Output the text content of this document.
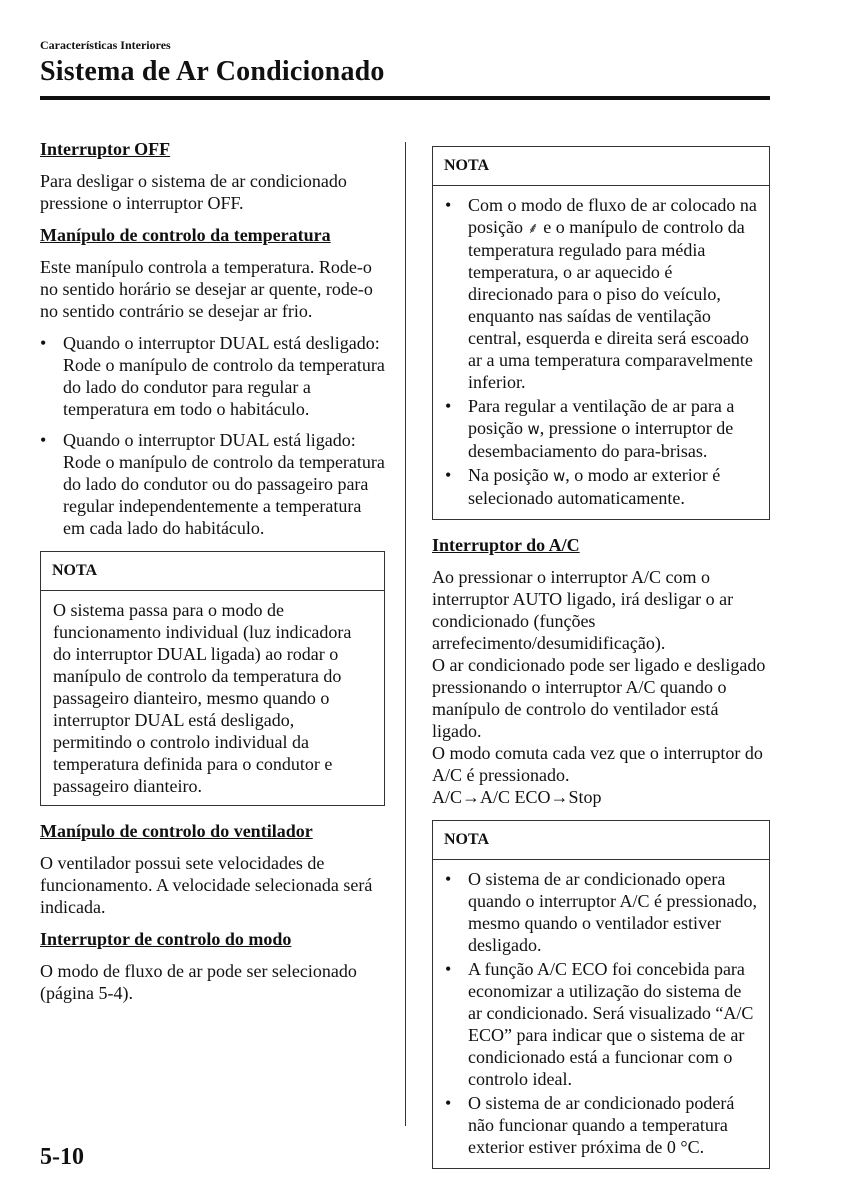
Características Interiores
Sistema de Ar Condicionado
Interruptor OFF

Para desligar o sistema de ar condicionado pressione o interruptor OFF.

Manípulo de controlo da temperatura

Este manípulo controla a temperatura. Rode-o no sentido horário se desejar ar quente, rode-o no sentido contrário se desejar ar frio.

• Quando o interruptor DUAL está desligado:
Rode o manípulo de controlo da temperatura do lado do condutor para regular a temperatura em todo o habitáculo.
• Quando o interruptor DUAL está ligado:
Rode o manípulo de controlo da temperatura do lado do condutor ou do passageiro para regular independentemente a temperatura em cada lado do habitáculo.
NOTA
O sistema passa para o modo de funcionamento individual (luz indicadora do interruptor DUAL ligada) ao rodar o manípulo de controlo da temperatura do passageiro dianteiro, mesmo quando o interruptor DUAL está desligado, permitindo o controlo individual da temperatura definida para o condutor e passageiro dianteiro.
Manípulo de controlo do ventilador

O ventilador possui sete velocidades de funcionamento. A velocidade selecionada será indicada.

Interruptor de controlo do modo

O modo de fluxo de ar pode ser selecionado (página 5-4).

NOTA
• Com o modo de fluxo de ar colocado na posição ⸙ e o manípulo de controlo da temperatura regulado para média temperatura, o ar aquecido é direcionado para o piso do veículo, enquanto nas saídas de ventilação central, esquerda e direita será escoado ar a uma temperatura comparavelmente inferior.
• Para regular a ventilação de ar para a posição ᴡ, pressione o interruptor de desembaciamento do para-brisas.
• Na posição ᴡ, o modo ar exterior é selecionado automaticamente.
Interruptor do A/C

Ao pressionar o interruptor A/C com o interruptor AUTO ligado, irá desligar o ar condicionado (funções arrefecimento/desumidificação).
O ar condicionado pode ser ligado e desligado pressionando o interruptor A/C quando o manípulo de controlo do ventilador está ligado.
O modo comuta cada vez que o interruptor do A/C é pressionado.
A/C→A/C ECO→Stop

NOTA
• O sistema de ar condicionado opera quando o interruptor A/C é pressionado, mesmo quando o ventilador estiver desligado.
• A função A/C ECO foi concebida para economizar a utilização do sistema de ar condicionado. Será visualizado “A/C ECO” para indicar que o sistema de ar condicionado está a funcionar com o controlo ideal.
• O sistema de ar condicionado poderá não funcionar quando a temperatura exterior estiver próxima de 0 °C.
5-10
